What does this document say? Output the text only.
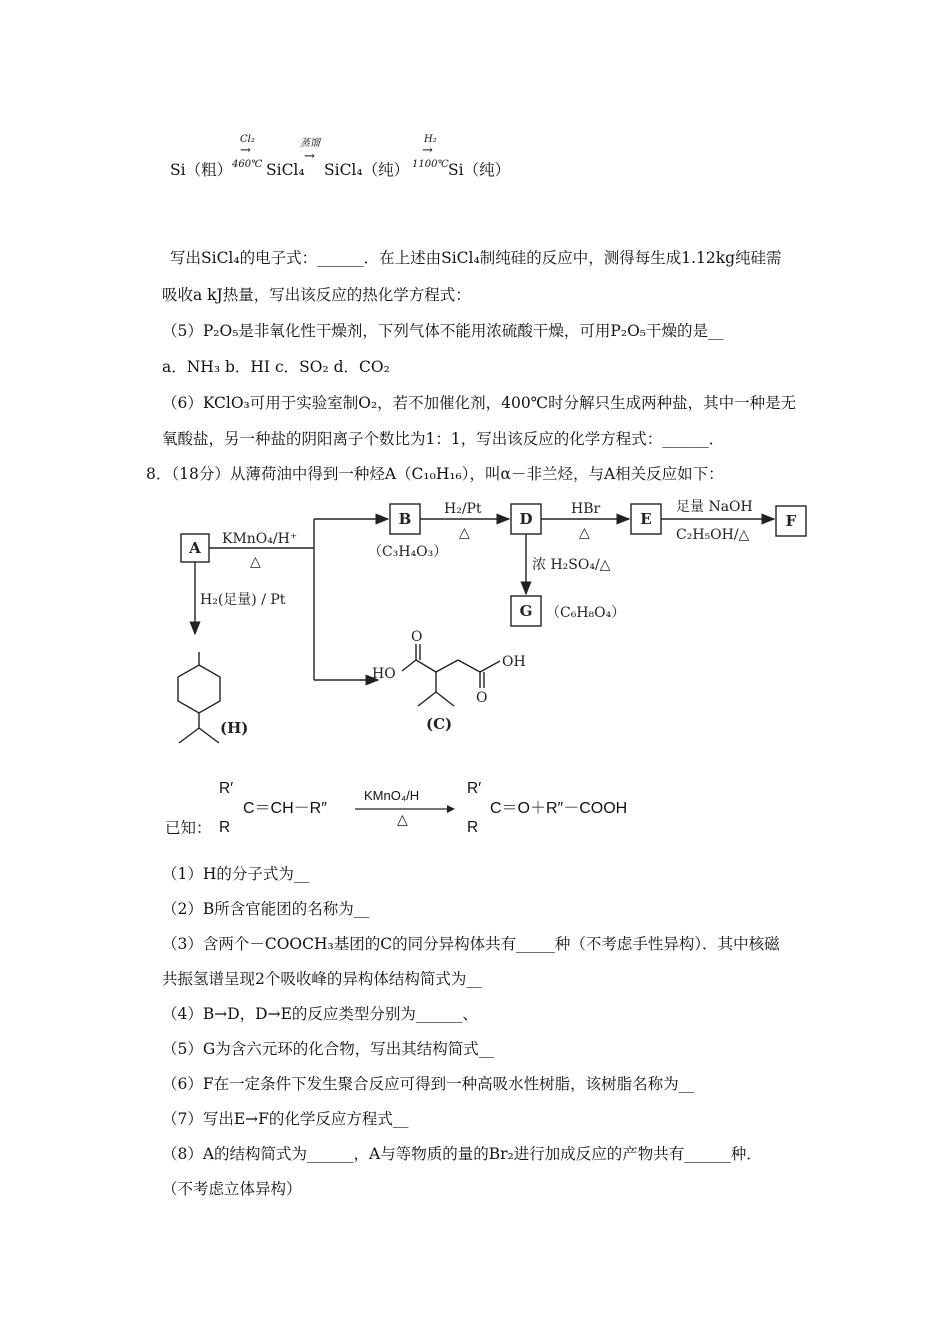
Si（粗）
Cl₂
→
460℃ SiCl₄
蒸馏
→
SiCl₄（纯）
H₂
→
1100℃ Si（纯）
写出SiCl₄的电子式：______．在上述由SiCl₄制纯硅的反应中，测得每生成1.12kg纯硅需
吸收a kJ热量，写出该反应的热化学方程式：
（5）P₂O₅是非氧化性干燥剂，下列气体不能用浓硫酸干燥，可用P₂O₅干燥的是__
a．NH₃ b．HI c．SO₂ d．CO₂
（6）KClO₃可用于实验室制O₂，若不加催化剂，400℃时分解只生成两种盐，其中一种是无
氧酸盐，另一种盐的阴阳离子个数比为1：1，写出该反应的化学方程式：______．
8．（18分）从薄荷油中得到一种烃A（C₁₀H₁₆），叫α－非兰烃，与A相关反应如下：
A
B	D	E	F
G
KMnO₄/H⁺
△
H₂/Pt
△
HBr
△
足量 NaOH
C₂H₅OH/△
（C₃H₄O₃）
浓 H₂SO₄/△
（C₆H₈O₄）
H₂(足量) / Pt
(H)	(C)
HO
OH
O
O
已知：
R′
R
C＝CH－R″
KMnO₄/H
△
R′
R
C＝O＋R″－COOH
（1）H的分子式为__
（2）B所含官能团的名称为__
（3）含两个－COOCH₃基团的C的同分异构体共有_____种（不考虑手性异构）．其中核磁
共振氢谱呈现2个吸收峰的异构体结构简式为__
（4）B→D，D→E的反应类型分别为______、
（5）G为含六元环的化合物，写出其结构简式__
（6）F在一定条件下发生聚合反应可得到一种高吸水性树脂，该树脂名称为__
（7）写出E→F的化学反应方程式__
（8）A的结构简式为______，A与等物质的量的Br₂进行加成反应的产物共有______种．
（不考虑立体异构）
